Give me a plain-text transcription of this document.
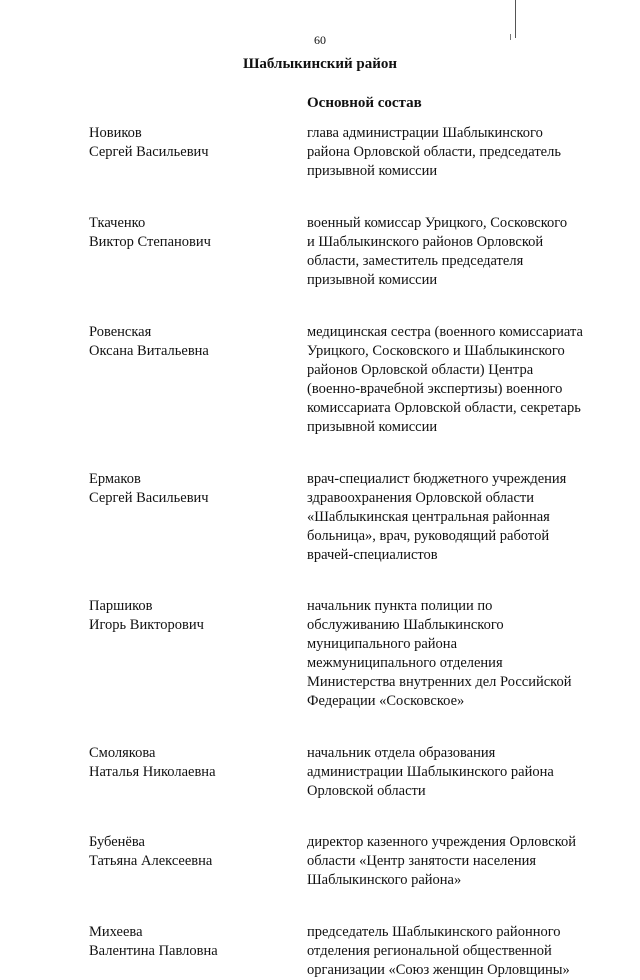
60
Шаблыкинский район
Основной состав
Новиков
Сергей Васильевич
глава администрации Шаблыкинского
района Орловской области, председатель
призывной комиссии
Ткаченко
Виктор Степанович
военный комиссар Урицкого, Сосковского
и Шаблыкинского районов Орловской
области, заместитель председателя
призывной комиссии
Ровенская
Оксана Витальевна
медицинская сестра (военного комиссариата
Урицкого, Сосковского и Шаблыкинского
районов Орловской области) Центра
(военно-врачебной экспертизы) военного
комиссариата Орловской области, секретарь
призывной комиссии
Ермаков
Сергей Васильевич
врач-специалист бюджетного учреждения
здравоохранения Орловской области
«Шаблыкинская центральная районная
больница», врач, руководящий работой
врачей-специалистов
Паршиков
Игорь Викторович
начальник пункта полиции по
обслуживанию Шаблыкинского
муниципального района
межмуниципального отделения
Министерства внутренних дел Российской
Федерации «Сосковское»
Смолякова
Наталья Николаевна
начальник отдела образования
администрации Шаблыкинского района
Орловской области
Бубенёва
Татьяна Алексеевна
директор казенного учреждения Орловской
области «Центр занятости населения
Шаблыкинского района»
Михеева
Валентина Павловна
председатель Шаблыкинского районного
отделения региональной общественной
организации «Союз женщин Орловщины»
